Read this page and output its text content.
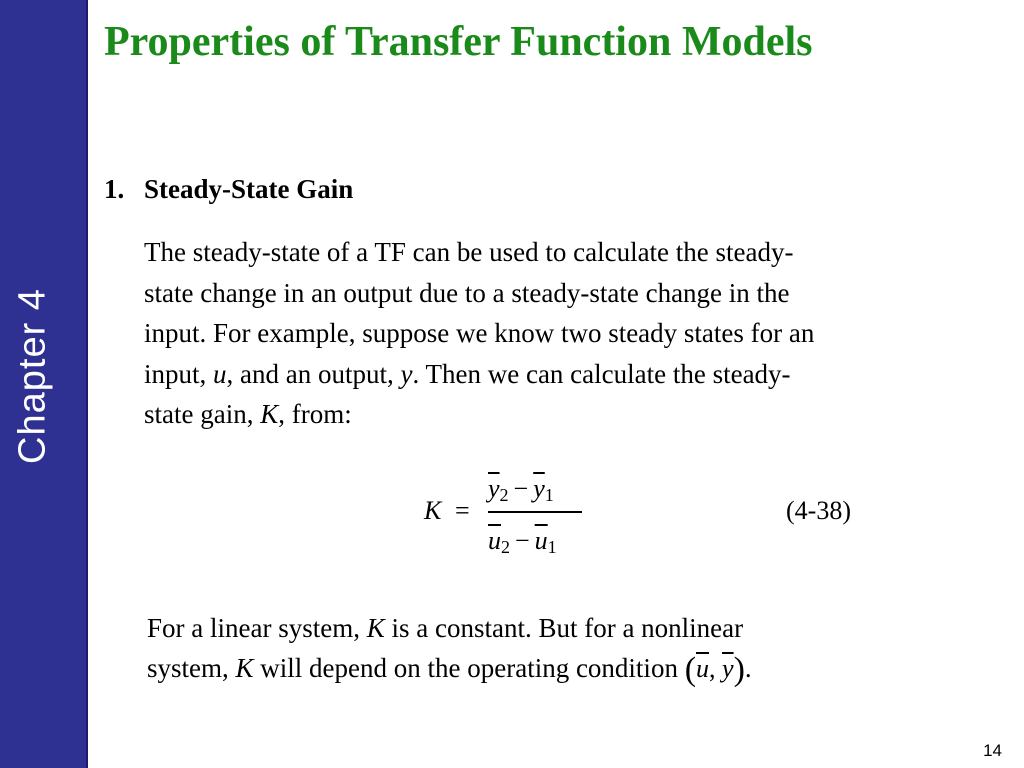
Chapter 4
Properties of Transfer Function Models
1. Steady-State Gain
The steady-state of a TF can be used to calculate the steady-
state change in an output due to a steady-state change in the
input. For example, suppose we know two steady states for an
input, u, and an output, y. Then we can calculate the steady-
state gain, K, from:
K =
$\overline{y}_2 - \overline{y}_1$
$\overline{u}_2 - \overline{u}_1$
(4-38)
For a linear system, K is a constant. But for a nonlinear
system, K will depend on the operating condition ($\overline{u}$, $\overline{y}$).
14
